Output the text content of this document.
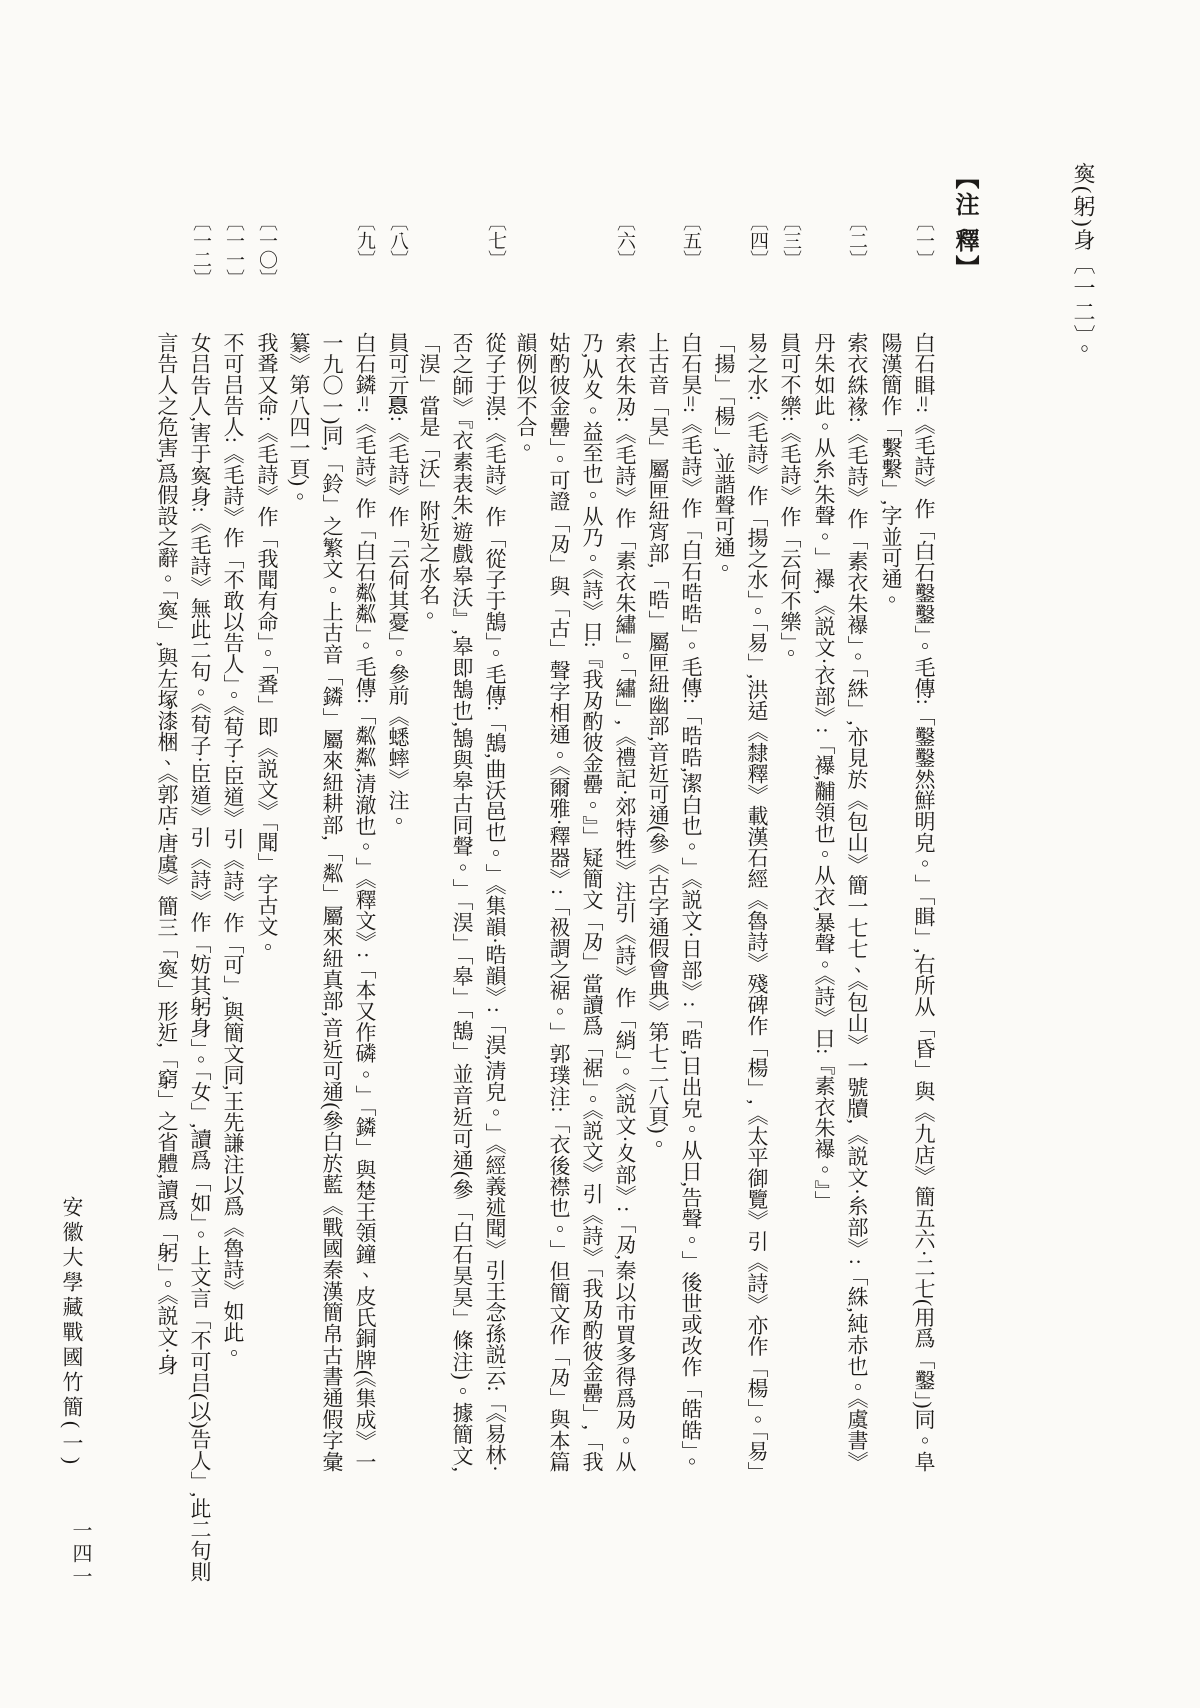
寏(躬)身〔一二〕。
【注 釋】
〔一〕
〔二〕
〔三〕
〔四〕
〔五〕
〔六〕
〔七〕
〔八〕
〔九〕
〔一〇〕
〔一一〕
〔一二〕
白石䁒=:《毛詩》作「白石鑿鑿」。毛傳:「鑿鑿然鮮明皃。」「䁒」,右所从「昏」與《九店》簡五六·二七(用爲「鑿」)同。阜陽漢簡作「繫繫」,字並可通。
索衣絑褖:《毛詩》作「素衣朱襮」。「絑」,亦見於《包山》簡一七七、《包山》一號牘,《説文·糸部》:「絑,純赤也。《虞書》丹朱如此。从糸,朱聲。」襮,《説文·衣部》:「襮,黼領也。从衣,暴聲。《詩》曰:『素衣朱襮。』」
員可不樂:《毛詩》作「云何不樂」。
易之水:《毛詩》作「揚之水」。「易」,洪适《隸釋》載漢石經《魯詩》殘碑作「楊」,《太平御覽》引《詩》亦作「楊」。「易」「揚」「楊」,並諧聲可通。
白石昊=:《毛詩》作「白石晧晧」。毛傳:「晧晧,潔白也。」《説文·日部》:「晧,日出皃。从日,告聲。」後世或改作「皓皓」。上古音「昊」屬匣紐宵部,「晧」屬匣紐幽部,音近可通(參《古字通假會典》第七二八頁)。
索衣朱夃:《毛詩》作「素衣朱繡」。「繡」,《禮記·郊特牲》注引《詩》作「綃」。《説文·夊部》:「夃,秦以市買多得爲夃。从乃,从夊。益至也。从乃。《詩》曰:『我夃酌彼金罍。』」疑簡文「夃」當讀爲「裾」。《説文》引《詩》「我夃酌彼金罍」,「我姑酌彼金罍」。可證「夃」與「古」聲字相通。《爾雅·釋器》:「衱謂之裾。」郭璞注:「衣後襟也。」但簡文作「夃」與本篇韻例似不合。
從子于淏:《毛詩》作「從子于鵠」。毛傳:「鵠,曲沃邑也。」《集韻·晧韻》:「淏,清皃。」《經義述聞》引王念孫説云:「《易林·否之師》『衣素表朱,遊戲皋沃』,皋即鵠也,鵠與皋古同聲。」「淏」「皋」「鵠」並音近可通(參「白石昊昊」條注)。據簡文,「淏」當是「沃」附近之水名。
員可亓𢝊:《毛詩》作「云何其憂」。參前《蟋蟀》注。
白石鏻=:《毛詩》作「白石粼粼」。毛傳:「粼粼,清澈也。」《釋文》:「本又作磷。」「鏻」與楚王領鐘、皮氏銅牌(《集成》一一九〇一)同,「鈴」之繁文。上古音「鏻」屬來紐耕部,「粼」屬來紐真部,音近可通(參白於藍《戰國秦漢簡帛古書通假字彙纂》第八四一頁)。
我䎹又命:《毛詩》作「我聞有命」。「䎹」即《説文》「聞」字古文。
不可吕告人:《毛詩》作「不敢以告人」。《荀子·臣道》引《詩》作「可」,與簡文同,王先謙注以爲《魯詩》如此。
女吕告人,害于寏身:《毛詩》無此二句。《荀子·臣道》引《詩》作「妨其躬身」。「女」,讀爲「如」。上文言「不可吕(以)告人」,此二句則言告人之危害,爲假設之辭。「寏」,與左塚漆梱、《郭店·唐虞》簡三「寏」形近,「窮」之省體,讀爲「躬」。《説文·身
安徽大學藏戰國竹簡(一)
一四一
